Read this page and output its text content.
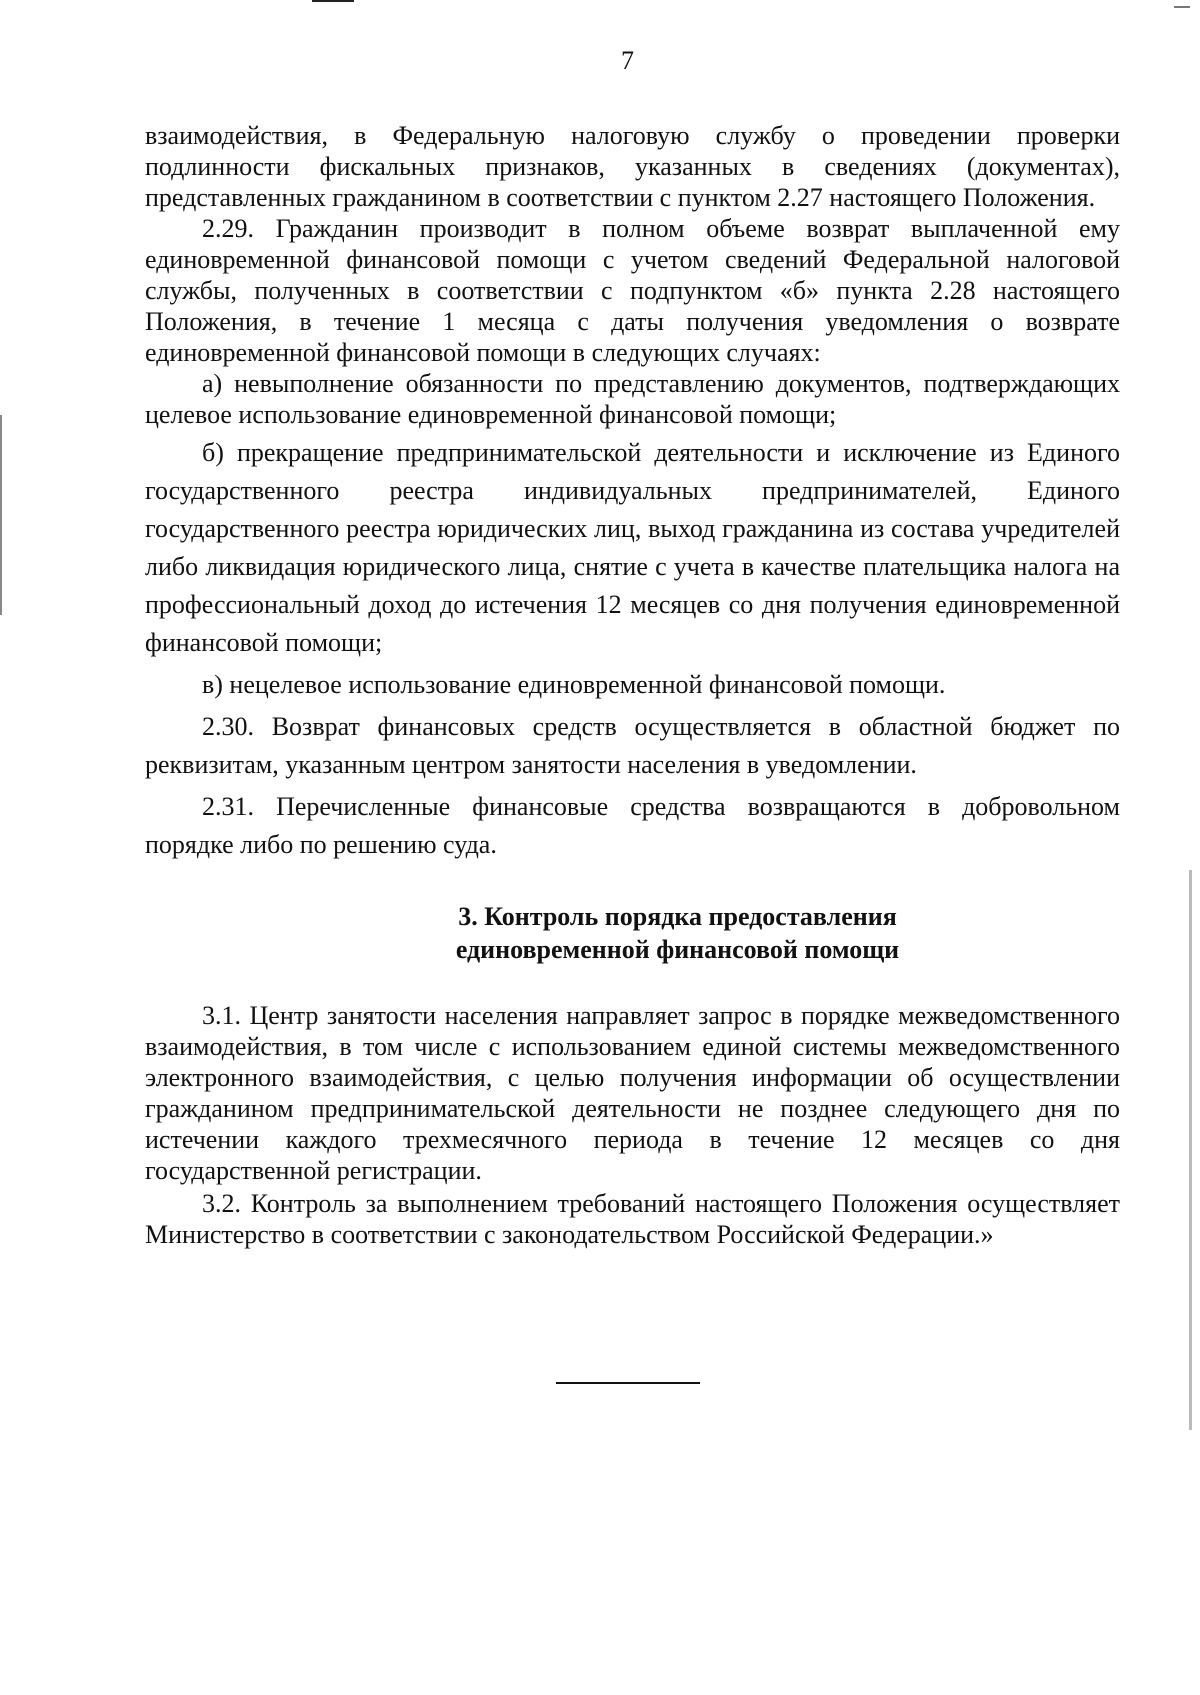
7

взаимодействия, в Федеральную налоговую службу о проведении проверки подлинности фискальных признаков, указанных в сведениях (документах), представленных гражданином в соответствии с пунктом 2.27 настоящего Положения.

2.29. Гражданин производит в полном объеме возврат выплаченной ему единовременной финансовой помощи с учетом сведений Федеральной налоговой службы, полученных в соответствии с подпунктом «б» пункта 2.28 настоящего Положения, в течение 1 месяца с даты получения уведомления о возврате единовременной финансовой помощи в следующих случаях:

а) невыполнение обязанности по представлению документов, подтверждающих целевое использование единовременной финансовой помощи;

б) прекращение предпринимательской деятельности и исключение из Единого государственного реестра индивидуальных предпринимателей, Единого государственного реестра юридических лиц, выход гражданина из состава учредителей либо ликвидация юридического лица, снятие с учета в качестве плательщика налога на профессиональный доход до истечения 12 месяцев со дня получения единовременной финансовой помощи;

в) нецелевое использование единовременной финансовой помощи.

2.30. Возврат финансовых средств осуществляется в областной бюджет по реквизитам, указанным центром занятости населения в уведомлении.

2.31. Перечисленные финансовые средства возвращаются в добровольном порядке либо по решению суда.

3. Контроль порядка предоставления
единовременной финансовой помощи

3.1. Центр занятости населения направляет запрос в порядке межведомственного взаимодействия, в том числе с использованием единой системы межведомственного электронного взаимодействия, с целью получения информации об осуществлении гражданином предпринимательской деятельности не позднее следующего дня по истечении каждого трехмесячного периода в течение 12 месяцев со дня государственной регистрации.

3.2. Контроль за выполнением требований настоящего Положения осуществляет Министерство в соответствии с законодательством Российской Федерации.»
